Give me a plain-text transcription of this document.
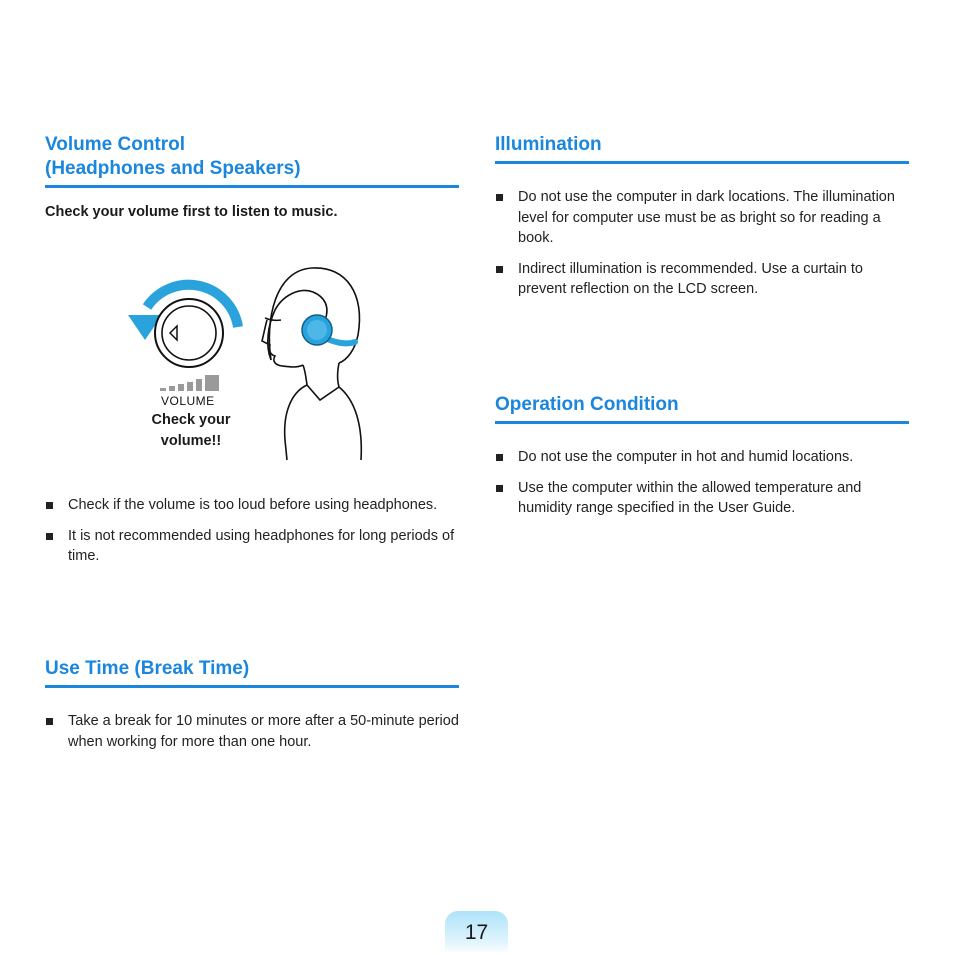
Volume Control
(Headphones and Speakers)

Check your volume first to listen to music.

VOLUME
Check your
volume!!
Check if the volume is too loud before using headphones.
It is not recommended using headphones for long periods of time.
Use Time (Break Time)
Take a break for 10 minutes or more after a 50-minute period when working for more than one hour.
Illumination
Do not use the computer in dark locations. The illumination level for computer use must be as bright so for reading a book.
Indirect illumination is recommended. Use a curtain to prevent reflection on the LCD screen.
Operation Condition
Do not use the computer in hot and humid locations.
Use the computer within the allowed temperature and humidity range specified in the User Guide.
17
